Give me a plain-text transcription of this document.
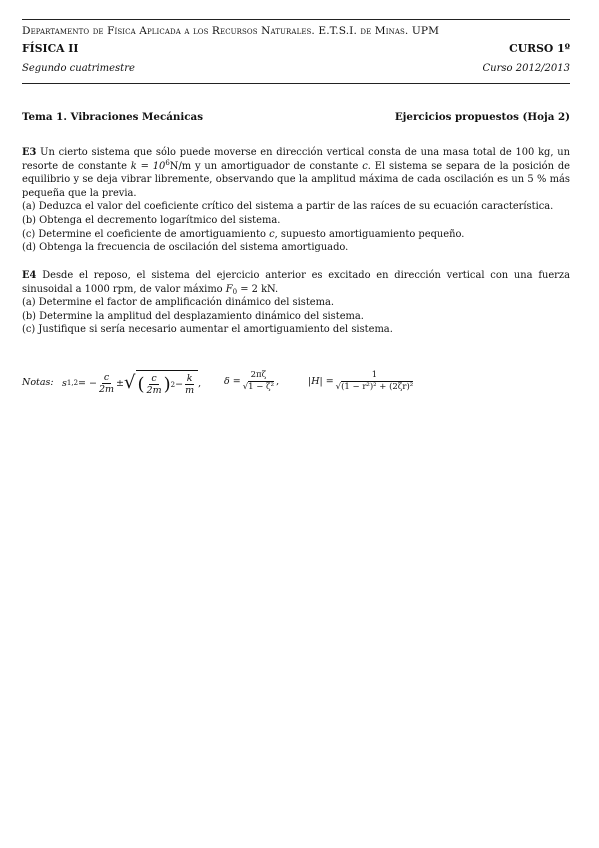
Departamento de Física Aplicada a los Recursos Naturales. E.T.S.I. de Minas. UPM
FÍSICA II	CURSO 1º
Segundo cuatrimestre	Curso 2012/2013
Tema 1. Vibraciones Mecánicas	Ejercicios propuestos (Hoja 2)
E3 Un cierto sistema que sólo puede moverse en dirección vertical consta de una masa total de 100 kg, un resorte de constante $k = 10^6N/m$ y un amortiguador de constante c. El sistema se separa de la posición de equilibrio y se deja vibrar libremente, observando que la amplitud máxima de cada oscilación es un 5 % más pequeña que la previa.
(a) Deduzca el valor del coeficiente crítico del sistema a partir de las raíces de su ecuación característica.
(b) Obtenga el decremento logarítmico del sistema.
(c) Determine el coeficiente de amortiguamiento c, supuesto amortiguamiento pequeño.
(d) Obtenga la frecuencia de oscilación del sistema amortiguado.
E4 Desde el reposo, el sistema del ejercicio anterior es excitado en dirección vertical con una fuerza sinusoidal a 1000 rpm, de valor máximo $F_0 = 2$ kN.
(a) Determine el factor de amplificación dinámico del sistema.
(b) Determine la amplitud del desplazamiento dinámico del sistema.
(c) Justifique si sería necesario aumentar el amortiguamiento del sistema.
Notas: s 1,2 = − $\frac{c}{2m}$ ± √ ( $\frac{c}{2m}$ ) $2 - \frac{k}{m}$ , $\delta = \frac{2\pi\zeta}{\text{√1 − ζ²}}$ ,	$|H| = \frac{1}{\text{√(1 − r²)² + (2ζr)²}}$
